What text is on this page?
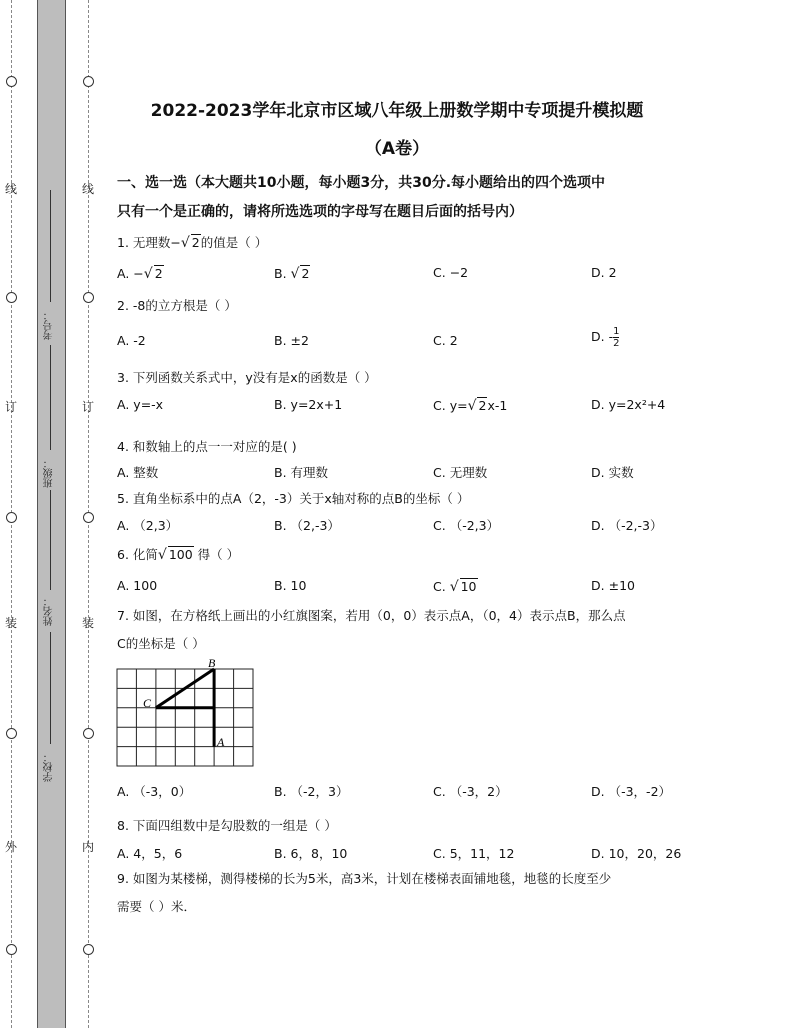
线
订
装
外
线
订
装
内
考号：
班级：
姓名：
学校：
2022-2023学年北京市区域八年级上册数学期中专项提升模拟题
（A卷）
一、选一选（本大题共10小题，每小题3分，共30分.每小题给出的四个选项中
只有一个是正确的，请将所选选项的字母写在题目后面的括号内）
1. 无理数−√ 2的值是（ ）
A. −√ 2	B. √ 2	C. −2	D. 2
2. -8的立方根是（ ）
A. -2	B. ±2	C. 2	D. - $\frac{1}{2}$
3. 下列函数关系式中，y没有是x的函数是（ ）
A. y=-x	B. y=2x+1	C. y=√ 2x-1	D. y=2x²+4
4. 和数轴上的点一一对应的是( )
A. 整数	B. 有理数	C. 无理数	D. 实数
5. 直角坐标系中的点A（2，-3）关于x轴对称的点B的坐标（ ）
A. （2,3）	B. （2,-3）	C. （-2,3）	D. （-2,-3）
6. 化简√ 100 得（ ）
A. 100	B. 10	C. √ 10	D. ±10
7. 如图，在方格纸上画出的小红旗图案，若用（0，0）表示点A，（0，4）表示点B，那么点
C的坐标是（ ）
B
C
A
A. （-3，0）	B. （-2，3）	C. （-3，2）	D. （-3，-2）
8. 下面四组数中是勾股数的一组是（ ）
A. 4，5，6	B. 6，8，10	C. 5，11，12	D. 10，20，26
9. 如图为某楼梯，测得楼梯的长为5米，高3米，计划在楼梯表面铺地毯，地毯的长度至少
需要（ ）米．
